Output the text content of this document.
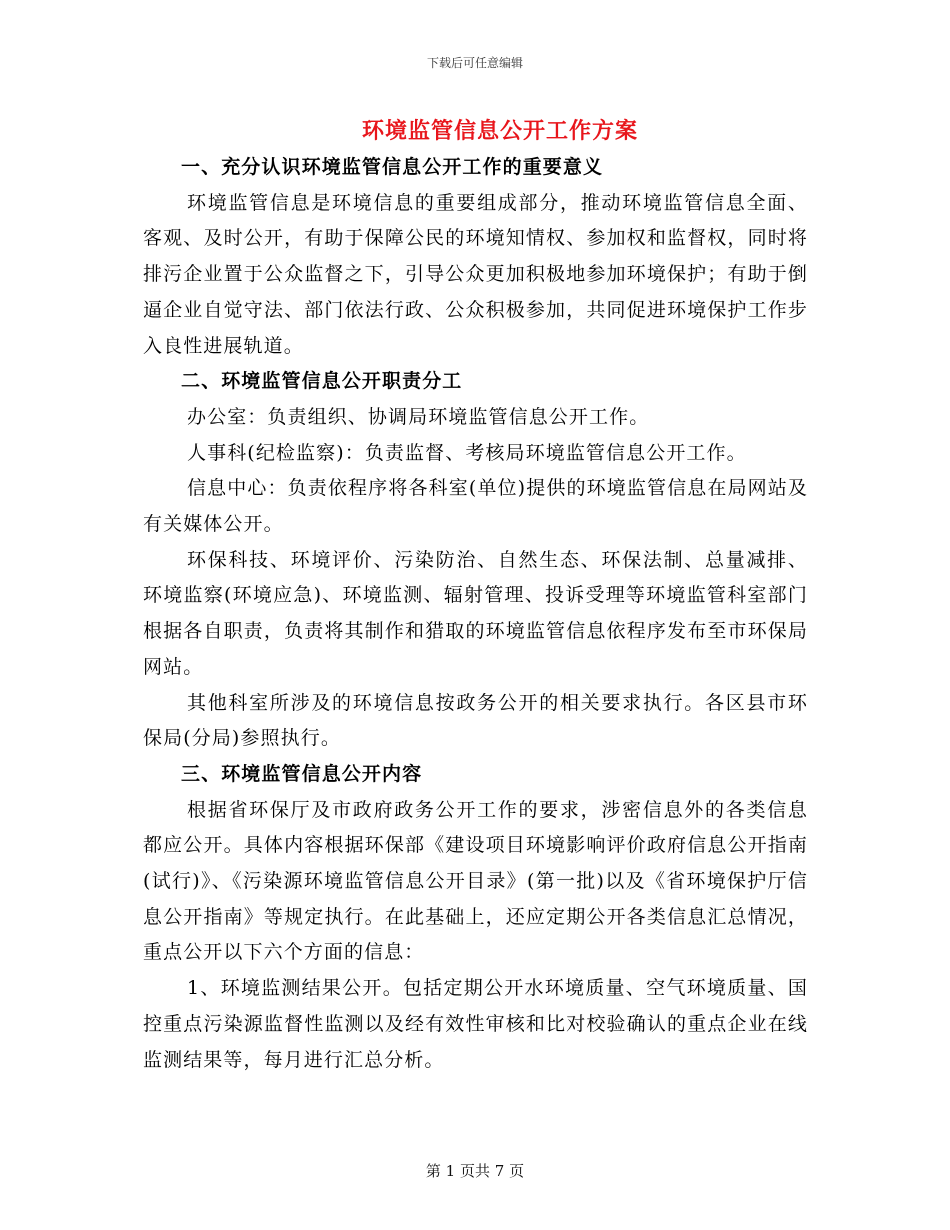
下载后可任意编辑
环境监管信息公开工作方案

一、充分认识环境监管信息公开工作的重要意义

环境监管信息是环境信息的重要组成部分，推动环境监管信息全面、客观、及时公开，有助于保障公民的环境知情权、参加权和监督权，同时将排污企业置于公众监督之下，引导公众更加积极地参加环境保护；有助于倒逼企业自觉守法、部门依法行政、公众积极参加，共同促进环境保护工作步入良性进展轨道。

二、环境监管信息公开职责分工

办公室：负责组织、协调局环境监管信息公开工作。

人事科(纪检监察)：负责监督、考核局环境监管信息公开工作。

信息中心：负责依程序将各科室(单位)提供的环境监管信息在局网站及有关媒体公开。

环保科技、环境评价、污染防治、自然生态、环保法制、总量减排、环境监察(环境应急)、环境监测、辐射管理、投诉受理等环境监管科室部门根据各自职责，负责将其制作和猎取的环境监管信息依程序发布至市环保局网站。

其他科室所涉及的环境信息按政务公开的相关要求执行。各区县市环保局(分局)参照执行。

三、环境监管信息公开内容

根据省环保厅及市政府政务公开工作的要求，涉密信息外的各类信息都应公开。具体内容根据环保部《建设项目环境影响评价政府信息公开指南(试行)》、《污染源环境监管信息公开目录》(第一批)以及《省环境保护厅信息公开指南》等规定执行。在此基础上，还应定期公开各类信息汇总情况，重点公开以下六个方面的信息：

1、环境监测结果公开。包括定期公开水环境质量、空气环境质量、国控重点污染源监督性监测以及经有效性审核和比对校验确认的重点企业在线监测结果等，每月进行汇总分析。

第 1 页共 7 页
